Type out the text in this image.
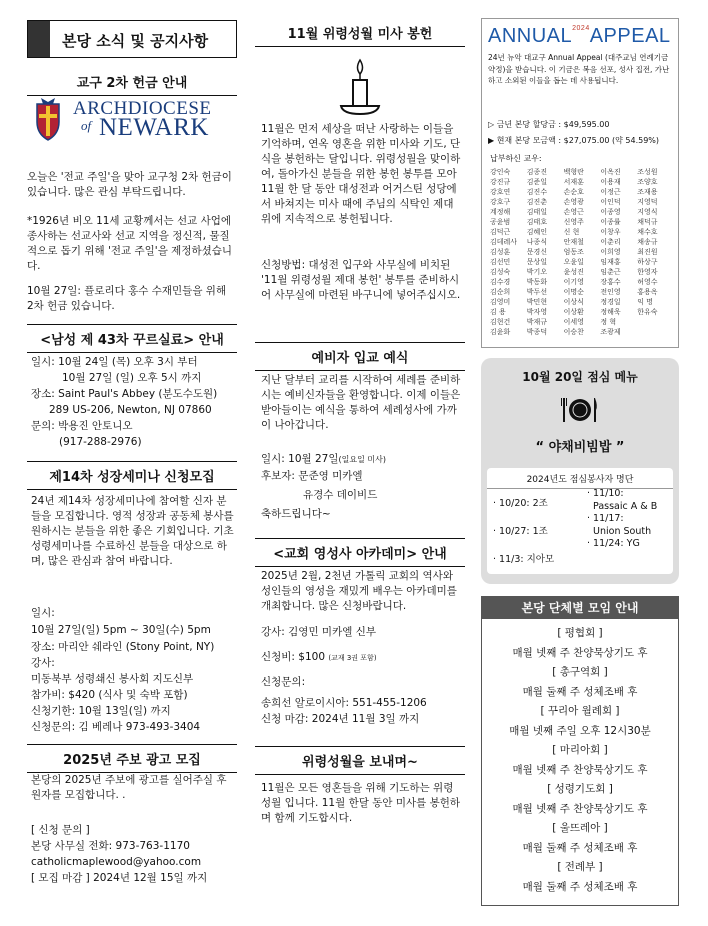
본당 소식 및 공지사항
교구 2차 헌금 안내
ARCHDIOCESE
of NEWARK
오늘은 '전교 주일'을 맞아 교구청 2차 헌금이 있습니다. 많은 관심 부탁드립니다.
*1926년 비오 11세 교황께서는 선교 사업에 종사하는 선교사와 선교 지역을 정신적, 물질적으로 돕기 위해 '전교 주일'을 제정하셨습니다.
10월 27일: 플로리다 홍수 수재민들을 위해 2차 헌금 있습니다.
<남성 제 43차 꾸르실료> 안내
일시: 10월 24일 (목) 오후 3시 부터
10월 27일 (일) 오후 5시 까지
장소: Saint Paul's Abbey (분도수도원)
289 US-206, Newton, NJ 07860
문의: 박용진 안토니오
(917-288-2976)
제14차 성장세미나 신청모집
24년 제14차 성장세미나에 참여할 신자 분들을 모집합니다. 영적 성장과 공동체 봉사를 원하시는 분들을 위한 좋은 기회입니다. 기초 성령세미나를 수료하신 분들을 대상으로 하며, 많은 관심과 참여 바랍니다.
일시:
10월 27일(일) 5pm ~ 30일(수) 5pm
장소: 마리안 쉐라인 (Stony Point, NY)
강사:
미동북부 성령쇄신 봉사회 지도신부
참가비: $420 (식사 및 숙박 포함)
신청기한: 10월 13일(일) 까지
신청문의: 김 베레나 973-493-3404
2025년 주보 광고 모집
본당의 2025년 주보에 광고를 실어주실 후원자를 모집합니다. .
[ 신청 문의 ]
본당 사무실 전화: 973-763-1170
catholicmaplewood@yahoo.com
[ 모집 마감 ] 2024년 12월 15일 까지
11월 위령성월 미사 봉헌
11월은 먼저 세상을 떠난 사랑하는 이들을 기억하며, 연옥 영혼을 위한 미사와 기도, 단식을 봉헌하는 달입니다. 위령성월을 맞이하여, 돌아가신 분들을 위한 봉헌 봉투를 모아 11월 한 달 동안 대성전과 어거스틴 성당에서 바쳐지는 미사 때에 주님의 식탁인 제대 위에 지속적으로 봉헌됩니다.
신청방법: 대성전 입구와 사무실에 비치된 '11월 위령성월 제대 봉헌' 봉투를 준비하시어 사무실에 마련된 바구니에 넣어주십시오.
예비자 입교 예식
지난 달부터 교리를 시작하여 세례를 준비하시는 예비신자들을 환영합니다. 이제 이들은 받아들이는 예식을 통하여 세례성사에 가까이 나아갑니다.
일시: 10월 27일(일요일 미사)
후보자: 문준영 미카엘
유경수 데이비드
축하드립니다~
<교회 영성사 아카데미> 안내
2025년 2월, 2천년 가톨릭 교회의 역사와 성인들의 영성을 재밌게 배우는 아카데미를 개최합니다. 많은 신청바랍니다.
강사: 김영민 미카엘 신부
신청비: $100 (교재 3권 포함)
신청문의:
송희선 알로이시아: 551-455-1206
신청 마감: 2024년 11월 3일 까지
위령성월을 보내며~
11월은 모든 영혼들을 위해 기도하는 위령성월 입니다. 11월 한달 동안 미사를 봉헌하며 함께 기도합시다.
$ANNUAL^{2024}APPEAL$
24년 뉴악 대교구 Annual Appeal (대주교님 연례기금 약정)을 받습니다. 이 기금은 복음 선포, 성사 집전, 가난하고 소외된 이들을 돕는 데 사용됩니다.
▷ 금년 본당 할당금 : $49,595.00
▶ 현재 본당 모금액 : $27,075.00 (약 54.59%)
납부하신 교우:
강인숙	김종진	백형란	이옥진	조성원
강진규	김준일	서재훈	이용재	조양호
강호연	김진수	손순호	이정근	조재용
강호구	김진춘	손영광	이인덕	지영덕
계정해	김태일	손영근	이종영	지영식
공윤범	김태호	신영주	이종률	채덕규
김덕근	김혜인	신 현	이창우	채수호
김데레사	나종식	안재철	이춘리	채송규
김성훈	문경신	엄동조	이희영	최진원
김선민	문상일	오윤일	임재홍	하상구
김성숙	박기오	윤성진	임춘근	한영자
김수경	박동화	이기영	장홍수	허영수
김순희	박두선	이명순	전인영	홍용옥
김영미	박민현	이상식	정경일	익 명
김 용	박자영	이상환	정해욱	한유숙
김현건	박재규	이세영	정 혁
김윤화	박종덕	이승찬	조광제
10월 20일 점심 메뉴
“ 야채비빔밥 ”
2024년도 점심봉사자 명단
· 10/20: 2조
· 10/27: 1조
· 11/3: 지아모
· 11/10:
Passaic A & B
· 11/17:
Union South
· 11/24: YG
본당 단체별 모임 안내
[ 평협회 ]
매월 넷째 주 찬양묵상기도 후
[ 총구역회 ]
매월 둘째 주 성체조배 후
[ 꾸리아 월례회 ]
매월 넷째 주일 오후 12시30분
[ 마리아회 ]
매월 넷째 주 찬양묵상기도 후
[ 성령기도회 ]
매월 넷째 주 찬양묵상기도 후
[ 울뜨레아 ]
매월 둘째 주 성체조배 후
[ 전례부 ]
매월 둘째 주 성체조배 후
